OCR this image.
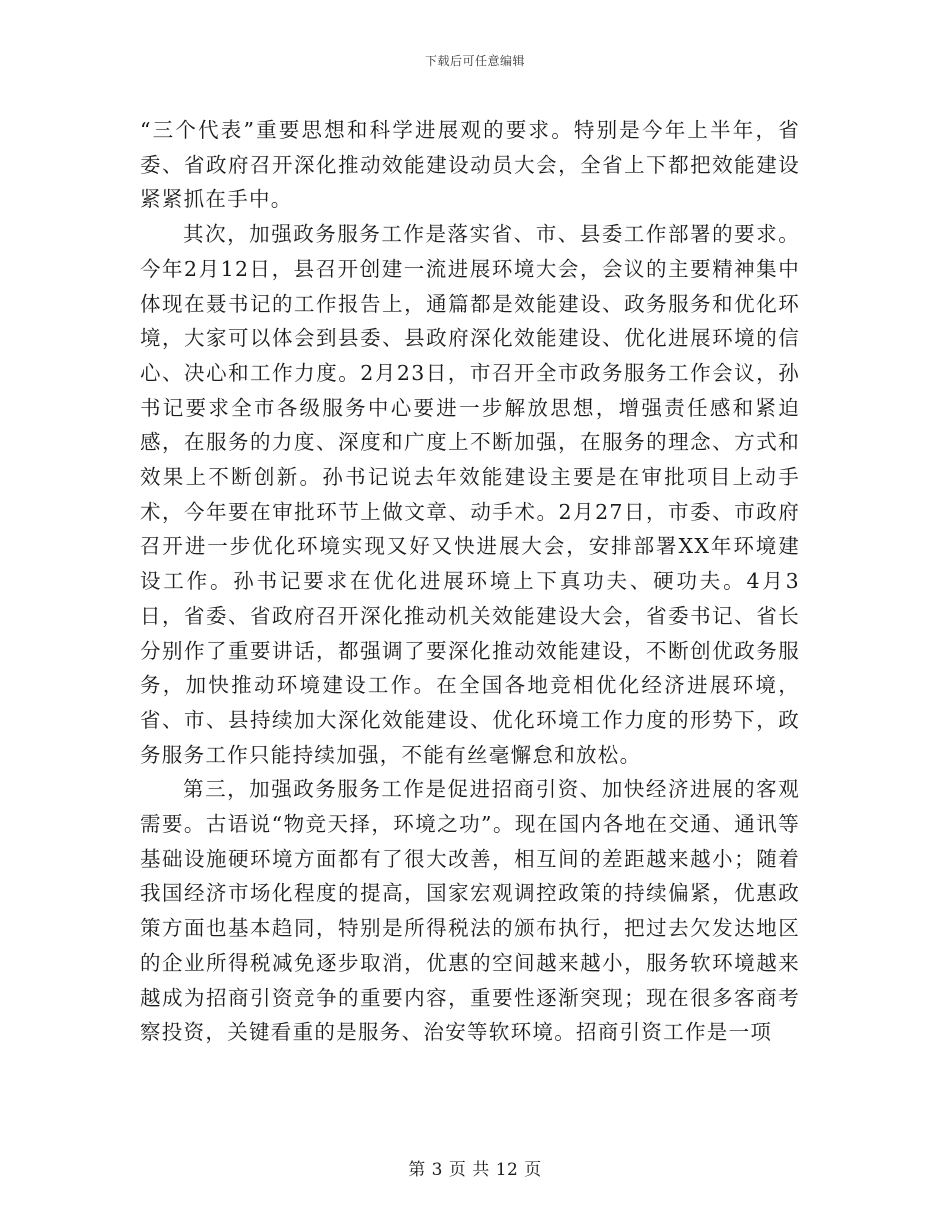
下载后可任意编辑

“三个代表”重要思想和科学进展观的要求。特别是今年上半年，省委、省政府召开深化推动效能建设动员大会，全省上下都把效能建设紧紧抓在手中。

其次，加强政务服务工作是落实省、市、县委工作部署的要求。今年2月12日，县召开创建一流进展环境大会，会议的主要精神集中体现在聂书记的工作报告上，通篇都是效能建设、政务服务和优化环境，大家可以体会到县委、县政府深化效能建设、优化进展环境的信心、决心和工作力度。2月23日，市召开全市政务服务工作会议，孙书记要求全市各级服务中心要进一步解放思想，增强责任感和紧迫感，在服务的力度、深度和广度上不断加强，在服务的理念、方式和效果上不断创新。孙书记说去年效能建设主要是在审批项目上动手术，今年要在审批环节上做文章、动手术。2月27日，市委、市政府召开进一步优化环境实现又好又快进展大会，安排部署XX年环境建设工作。孙书记要求在优化进展环境上下真功夫、硬功夫。4月3日，省委、省政府召开深化推动机关效能建设大会，省委书记、省长分别作了重要讲话，都强调了要深化推动效能建设，不断创优政务服务，加快推动环境建设工作。在全国各地竞相优化经济进展环境，省、市、县持续加大深化效能建设、优化环境工作力度的形势下，政务服务工作只能持续加强，不能有丝毫懈怠和放松。

第三，加强政务服务工作是促进招商引资、加快经济进展的客观需要。古语说“物竞天择，环境之功”。现在国内各地在交通、通讯等基础设施硬环境方面都有了很大改善，相互间的差距越来越小；随着我国经济市场化程度的提高，国家宏观调控政策的持续偏紧，优惠政策方面也基本趋同，特别是所得税法的颁布执行，把过去欠发达地区的企业所得税减免逐步取消，优惠的空间越来越小，服务软环境越来越成为招商引资竞争的重要内容，重要性逐渐突现；现在很多客商考察投资，关键看重的是服务、治安等软环境。招商引资工作是一项

第 3 页 共 12 页
